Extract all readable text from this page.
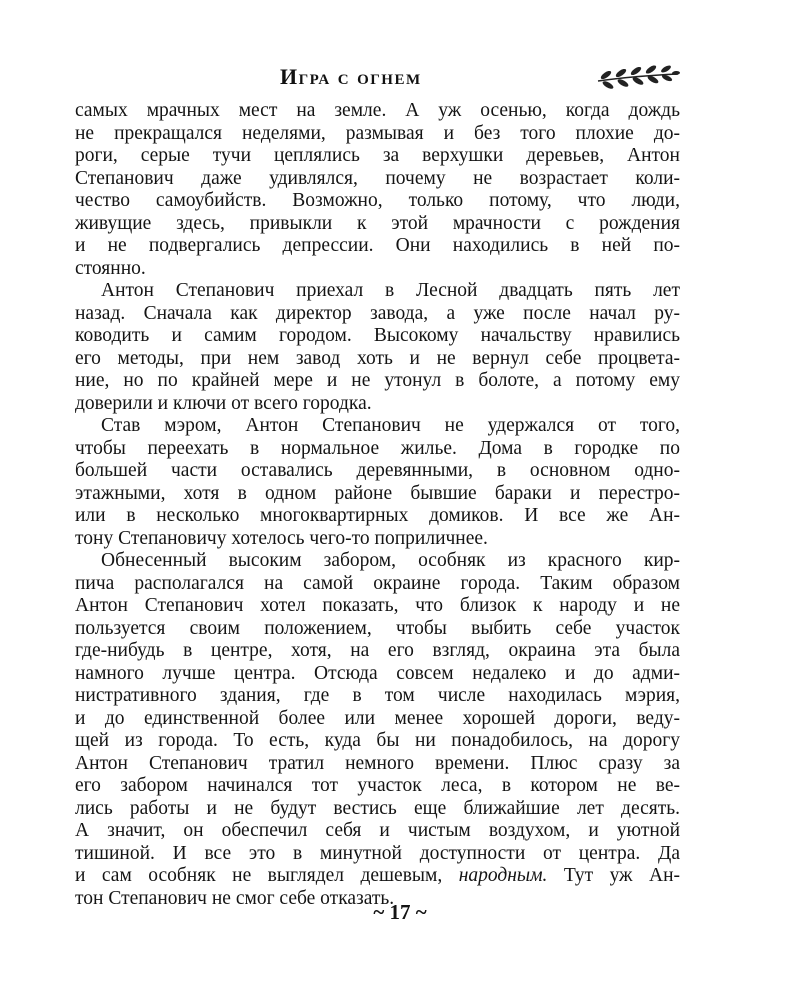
Игра с огнем
самых мрачных мест на земле. А уж осенью, когда дождь
не прекращался неделями, размывая и без того плохие до-
роги, серые тучи цеплялись за верхушки деревьев, Антон
Степанович даже удивлялся, почему не возрастает коли-
чество самоубийств. Возможно, только потому, что люди,
живущие здесь, привыкли к этой мрачности с рождения
и не подвергались депрессии. Они находились в ней по-
стоянно.
Антон Степанович приехал в Лесной двадцать пять лет
назад. Сначала как директор завода, а уже после начал ру-
ководить и самим городом. Высокому начальству нравились
его методы, при нем завод хоть и не вернул себе процвета-
ние, но по крайней мере и не утонул в болоте, а потому ему
доверили и ключи от всего городка.
Став мэром, Антон Степанович не удержался от того,
чтобы переехать в нормальное жилье. Дома в городке по
большей части оставались деревянными, в основном одно-
этажными, хотя в одном районе бывшие бараки и перестро-
или в несколько многоквартирных домиков. И все же Ан-
тону Степановичу хотелось чего-то поприличнее.
Обнесенный высоким забором, особняк из красного кир-
пича располагался на самой окраине города. Таким образом
Антон Степанович хотел показать, что близок к народу и не
пользуется своим положением, чтобы выбить себе участок
где-нибудь в центре, хотя, на его взгляд, окраина эта была
намного лучше центра. Отсюда совсем недалеко и до адми-
нистративного здания, где в том числе находилась мэрия,
и до единственной более или менее хорошей дороги, веду-
щей из города. То есть, куда бы ни понадобилось, на дорогу
Антон Степанович тратил немного времени. Плюс сразу за
его забором начинался тот участок леса, в котором не ве-
лись работы и не будут вестись еще ближайшие лет десять.
А значит, он обеспечил себя и чистым воздухом, и уютной
тишиной. И все это в минутной доступности от центра. Да
и сам особняк не выглядел дешевым, народным. Тут уж Ан-
тон Степанович не смог себе отказать.
~ 17 ~
